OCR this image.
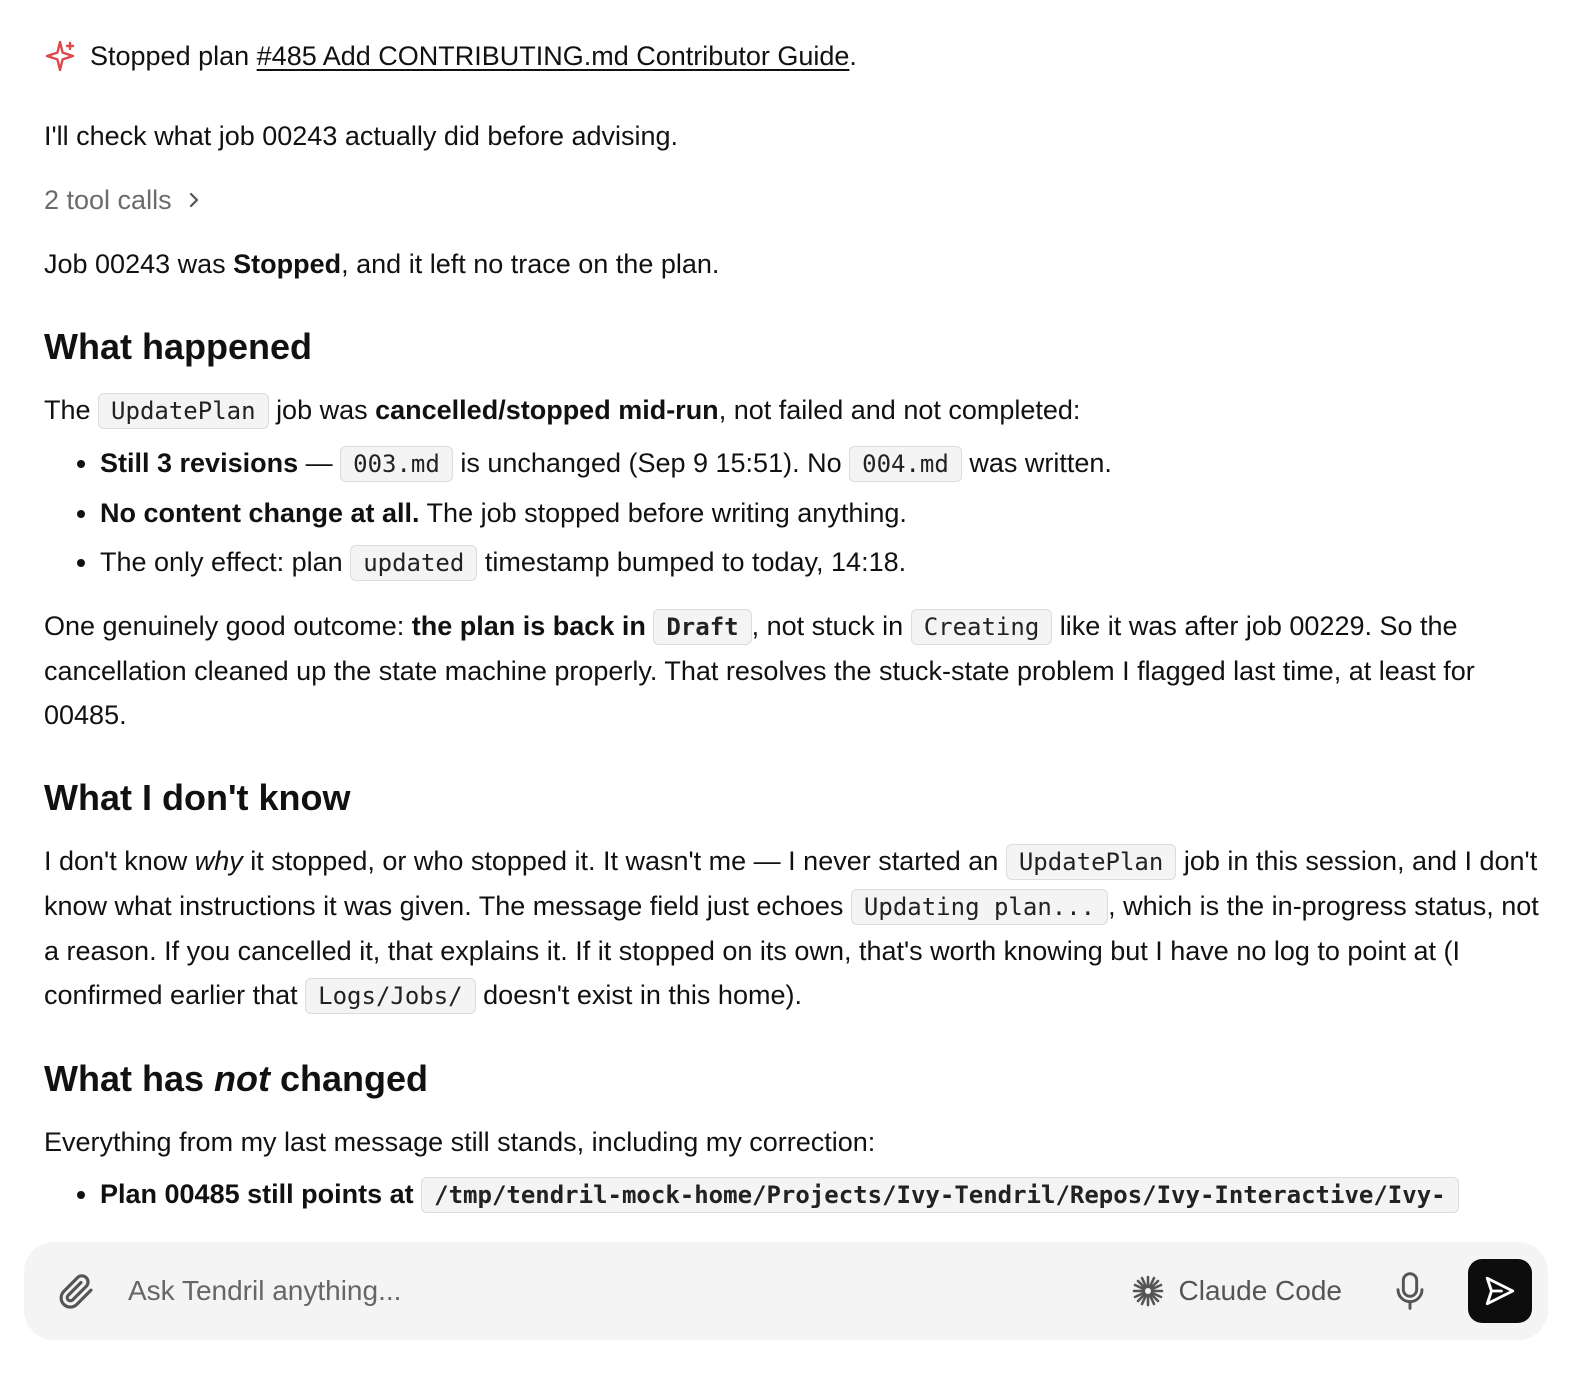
Stopped plan #485 Add CONTRIBUTING.md Contributor Guide.

I'll check what job 00243 actually did before advising.

2 tool calls

Job 00243 was Stopped, and it left no trace on the plan.

What happened

The UpdatePlan job was cancelled/stopped mid-run, not failed and not completed:

• Still 3 revisions — 003.md is unchanged (Sep 9 15:51). No 004.md was written.
• No content change at all. The job stopped before writing anything.
• The only effect: plan updated timestamp bumped to today, 14:18.

One genuinely good outcome: the plan is back in Draft , not stuck in Creating like it was after job 00229. So the cancellation cleaned up the state machine properly. That resolves the stuck-state problem I flagged last time, at least for 00485.

What I don't know

I don't know why it stopped, or who stopped it. It wasn't me — I never started an UpdatePlan job in this session, and I don't know what instructions it was given. The message field just echoes Updating plan... , which is the in-progress status, not a reason. If you cancelled it, that explains it. If it stopped on its own, that's worth knowing but I have no log to point at (I confirmed earlier that Logs/Jobs/ doesn't exist in this home).

What has not changed

Everything from my last message still stands, including my correction:

• Plan 00485 still points at /tmp/tendril-mock-home/Projects/Ivy-Tendril/Repos/Ivy-Interactive/Ivy-
Ask Tendril anything...
Claude Code
